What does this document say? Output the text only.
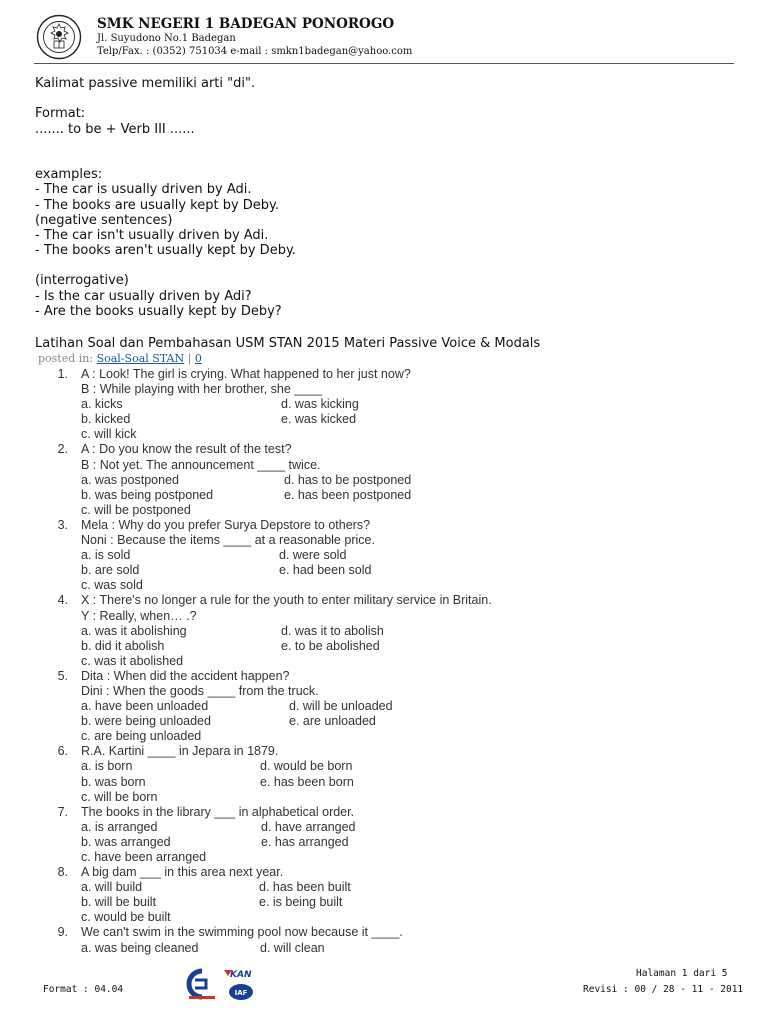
SMK NEGERI 1 BADEGAN PONOROGO
Jl. Suyudono No.1 Badegan
Telp/Fax. : (0352) 751034 e-mail : smkn1badegan@yahoo.com
Kalimat passive memiliki arti "di".
Format:
....... to be + Verb III ......
examples:
- The car is usually driven by Adi.
- The books are usually kept by Deby.
(negative sentences)
- The car isn't usually driven by Adi.
- The books aren't usually kept by Deby.
(interrogative)
- Is the car usually driven by Adi?
- Are the books usually kept by Deby?
Latihan Soal dan Pembahasan USM STAN 2015 Materi Passive Voice & Modals
posted in: Soal-Soal STAN | 0
1. A : Look! The girl is crying. What happened to her just now?
B : While playing with her brother, she ____
a. kicks	d. was kicking
b. kicked	e. was kicked
c. will kick
2. A : Do you know the result of the test?
B : Not yet. The announcement ____ twice.
a. was postponed	d. has to be postponed
b. was being postponed	e. has been postponed
c. will be postponed
3. Mela : Why do you prefer Surya Depstore to others?
Noni : Because the items ____ at a reasonable price.
a. is sold	d. were sold
b. are sold	e. had been sold
c. was sold
4. X : There's no longer a rule for the youth to enter military service in Britain.
Y : Really, when… .?
a. was it abolishing	d. was it to abolish
b. did it abolish	e. to be abolished
c. was it abolished
5. Dita : When did the accident happen?
Dini : When the goods ____ from the truck.
a. have been unloaded	d. will be unloaded
b. were being unloaded	e. are unloaded
c. are being unloaded
6. R.A. Kartini ____ in Jepara in 1879.
a. is born	d. would be born
b. was born	e. has been born
c. will be born
7. The books in the library ___ in alphabetical order.
a. is arranged	d. have arranged
b. was arranged	e. has arranged
c. have been arranged
8. A big dam ___ in this area next year.
a. will build	d. has been built
b. will be built	e. is being built
c. would be built
9. We can't swim in the swimming pool now because it ____.
a. was being cleaned	d. will clean
Format : 04.04
KAN
IAF
Halaman 1 dari 5
Revisi : 00 / 28 - 11 - 2011
